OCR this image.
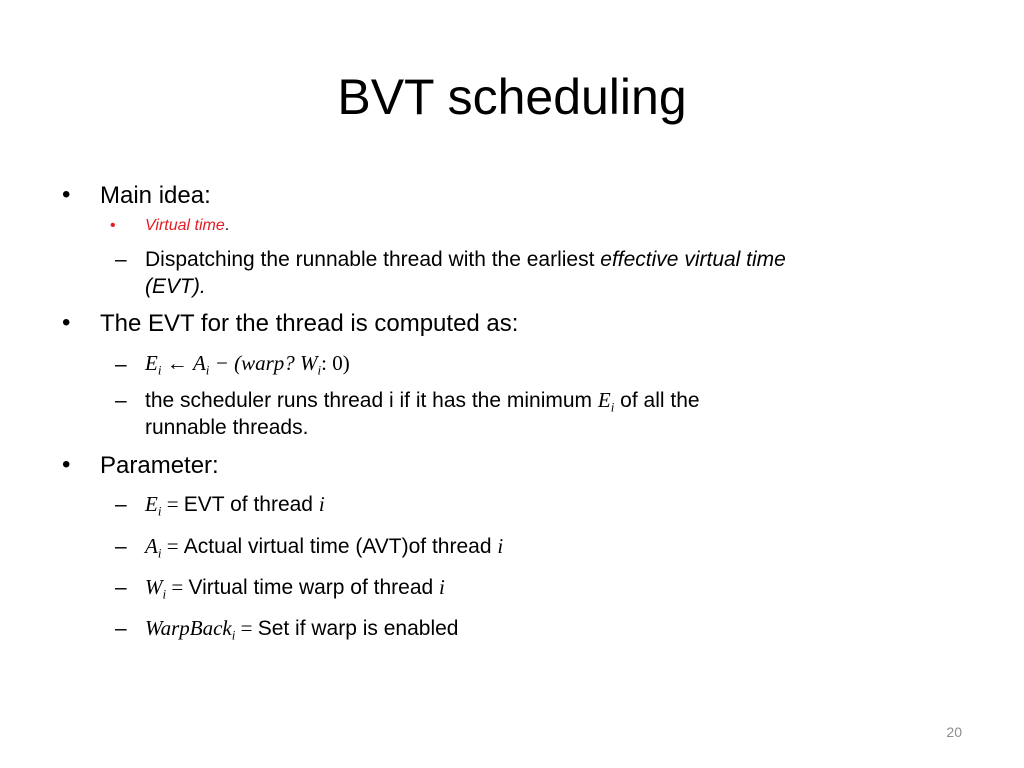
BVT scheduling
• Main idea:
• Virtual time.
– Dispatching the runnable thread with the earliest effective virtual time
(EVT).
• The EVT for the thread is computed as:
– $E_i$ ← $A_i$ − (warp? $W_i$: 0)
– the scheduler runs thread i if it has the minimum $E_i$ of all the
runnable threads.
• Parameter:
– $E_i$ = EVT of thread i
– $A_i$ = Actual virtual time (AVT)of thread i
– $W_i$ = Virtual time warp of thread i
– WarpBack$_i$ = Set if warp is enabled
20
